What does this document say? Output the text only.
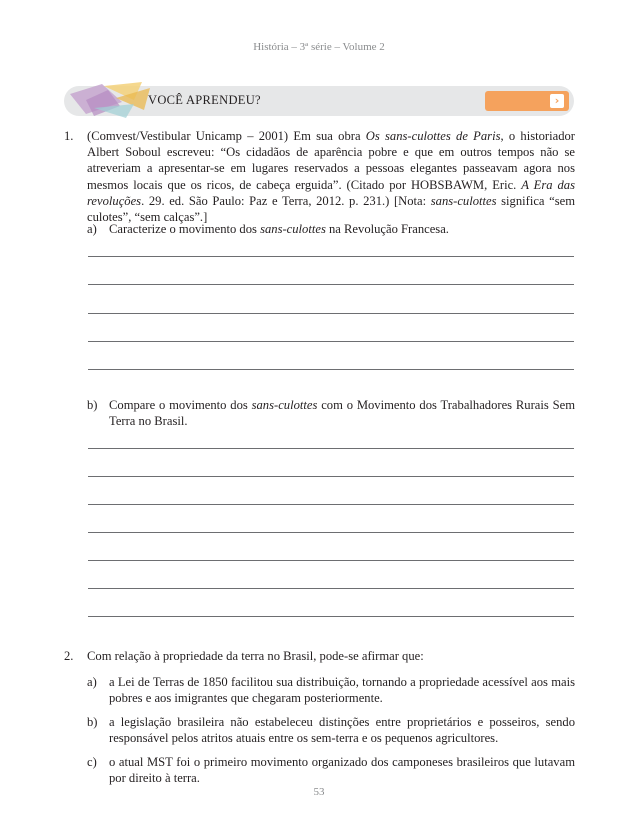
História – 3ª série – Volume 2
VOCÊ APRENDEU?	›
1. (Comvest/Vestibular Unicamp – 2001) Em sua obra Os sans-culottes de Paris, o historiador Albert Soboul escreveu: “Os cidadãos de aparência pobre e que em outros tempos não se atreveriam a apresentar-se em lugares reservados a pessoas elegantes passeavam agora nos mesmos locais que os ricos, de cabeça erguida”. (Citado por HOBSBAWM, Eric. A Era das revoluções. 29. ed. São Paulo: Paz e Terra, 2012. p. 231.) [Nota: sans-culottes significa “sem culotes”, “sem calças”.]
a) Caracterize o movimento dos sans-culottes na Revolução Francesa.
b) Compare o movimento dos sans-culottes com o Movimento dos Trabalhadores Rurais Sem Terra no Brasil.
2. Com relação à propriedade da terra no Brasil, pode-se afirmar que:
a) a Lei de Terras de 1850 facilitou sua distribuição, tornando a propriedade acessível aos mais pobres e aos imigrantes que chegaram posteriormente.
b) a legislação brasileira não estabeleceu distinções entre proprietários e posseiros, sendo responsável pelos atritos atuais entre os sem-terra e os pequenos agricultores.
c) o atual MST foi o primeiro movimento organizado dos camponeses brasileiros que lutavam por direito à terra.
53
